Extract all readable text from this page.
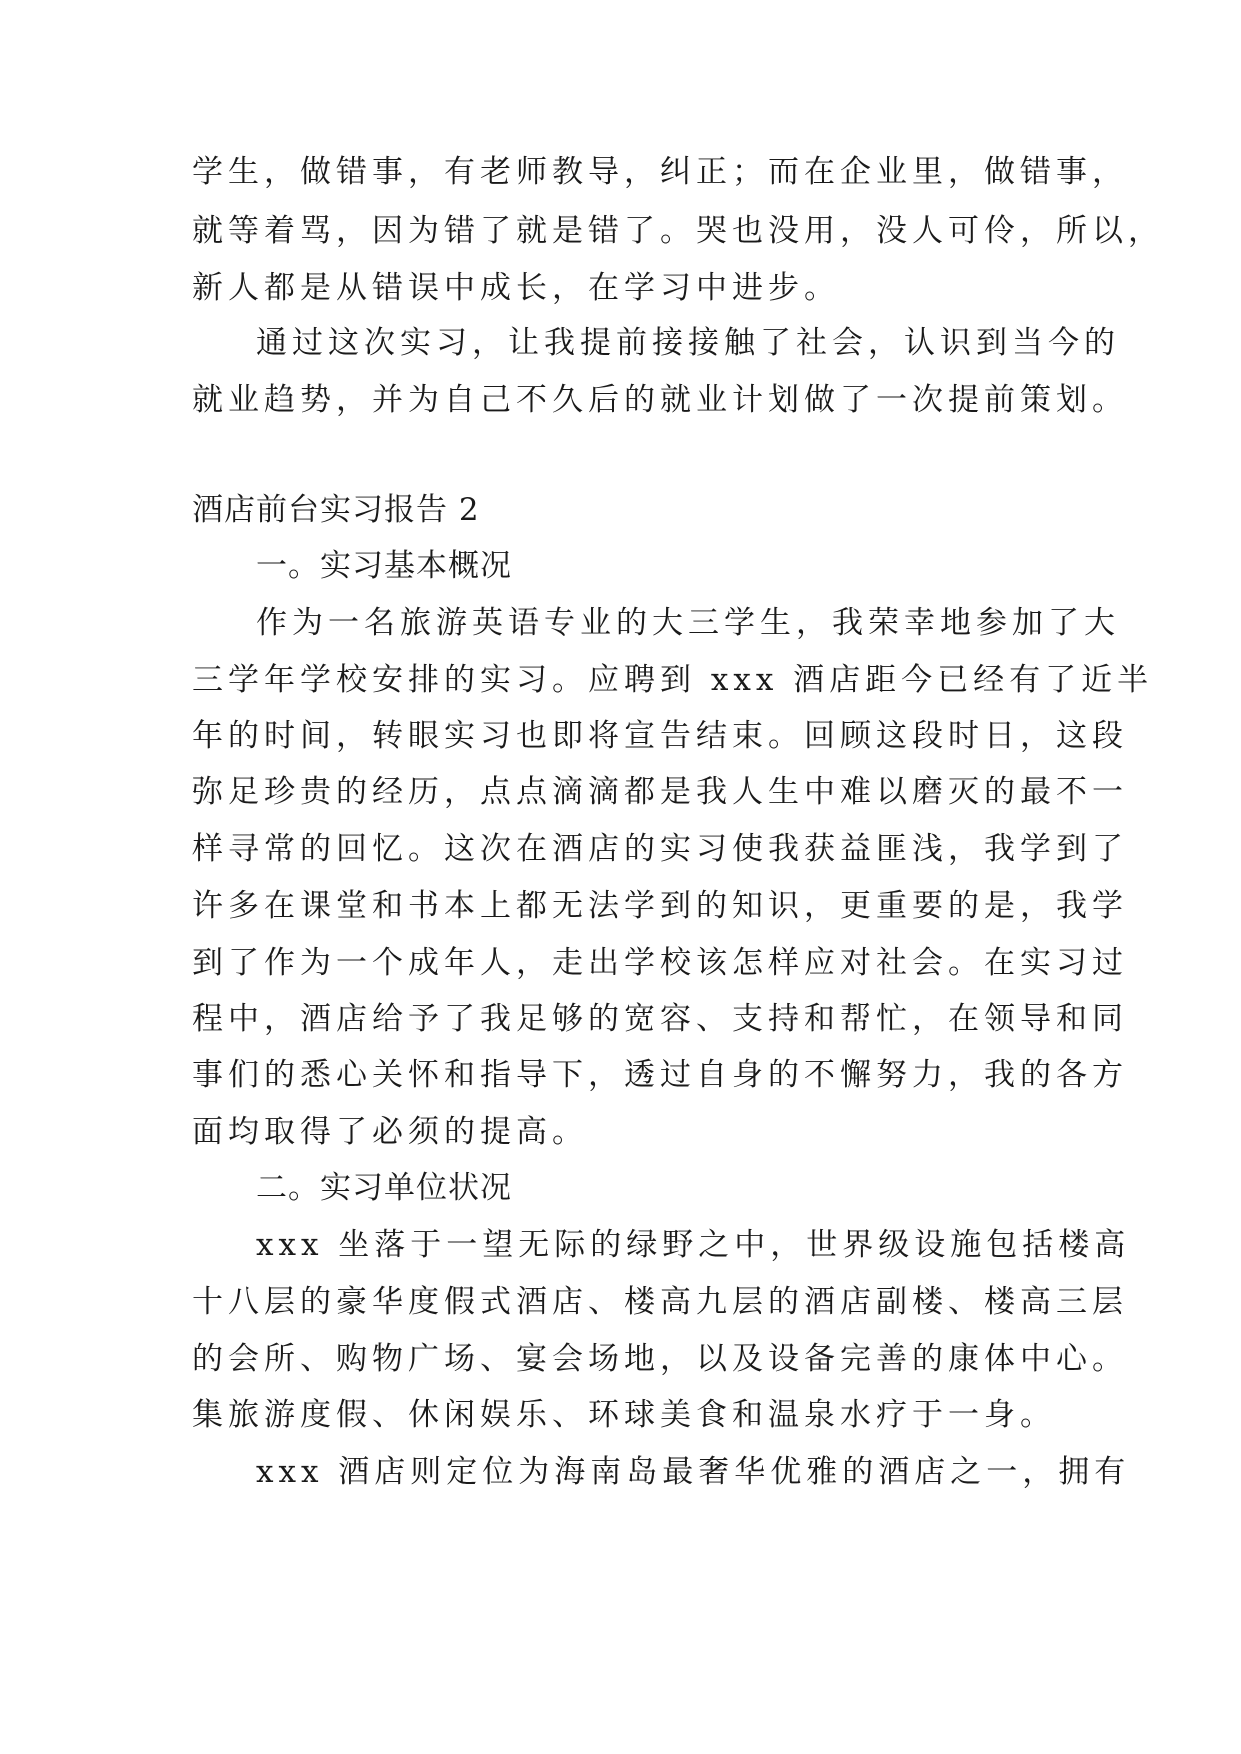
学生，做错事，有老师教导，纠正；而在企业里，做错事，
就等着骂，因为错了就是错了。哭也没用，没人可伶，所以，
新人都是从错误中成长，在学习中进步。
通过这次实习，让我提前接接触了社会，认识到当今的
就业趋势，并为自己不久后的就业计划做了一次提前策划。
酒店前台实习报告 2
一。实习基本概况
作为一名旅游英语专业的大三学生，我荣幸地参加了大
三学年学校安排的实习。应聘到 xxx 酒店距今已经有了近半
年的时间，转眼实习也即将宣告结束。回顾这段时日，这段
弥足珍贵的经历，点点滴滴都是我人生中难以磨灭的最不一
样寻常的回忆。这次在酒店的实习使我获益匪浅，我学到了
许多在课堂和书本上都无法学到的知识，更重要的是，我学
到了作为一个成年人，走出学校该怎样应对社会。在实习过
程中，酒店给予了我足够的宽容、支持和帮忙，在领导和同
事们的悉心关怀和指导下，透过自身的不懈努力，我的各方
面均取得了必须的提高。
二。实习单位状况
xxx 坐落于一望无际的绿野之中，世界级设施包括楼高
十八层的豪华度假式酒店、楼高九层的酒店副楼、楼高三层
的会所、购物广场、宴会场地，以及设备完善的康体中心。
集旅游度假、休闲娱乐、环球美食和温泉水疗于一身。
xxx 酒店则定位为海南岛最奢华优雅的酒店之一，拥有
